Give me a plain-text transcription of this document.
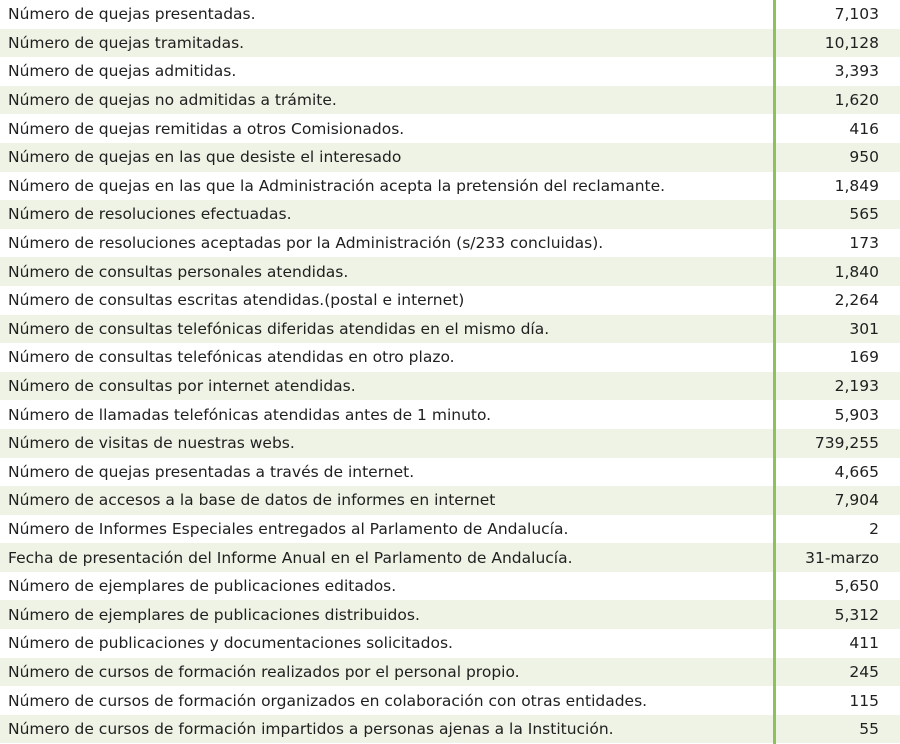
Número de quejas presentadas.	7,103
Número de quejas tramitadas.	10,128
Número de quejas admitidas.	3,393
Número de quejas no admitidas a trámite.	1,620
Número de quejas remitidas a otros Comisionados.	416
Número de quejas en las que desiste el interesado	950
Número de quejas en las que la Administración acepta la pretensión del reclamante.	1,849
Número de resoluciones efectuadas.	565
Número de resoluciones aceptadas por la Administración (s/233 concluidas).	173
Número de consultas personales atendidas.	1,840
Número de consultas escritas atendidas.(postal e internet)	2,264
Número de consultas telefónicas diferidas atendidas en el mismo día.	301
Número de consultas telefónicas atendidas en otro plazo.	169
Número de consultas por internet atendidas.	2,193
Número de llamadas telefónicas atendidas antes de 1 minuto.	5,903
Número de visitas de nuestras webs.	739,255
Número de quejas presentadas a través de internet.	4,665
Número de accesos a la base de datos de informes en internet	7,904
Número de Informes Especiales entregados al Parlamento de Andalucía.	2
Fecha de presentación del Informe Anual en el Parlamento de Andalucía.	31-marzo
Número de ejemplares de publicaciones editados.	5,650
Número de ejemplares de publicaciones distribuidos.	5,312
Número de publicaciones y documentaciones solicitados.	411
Número de cursos de formación realizados por el personal propio.	245
Número de cursos de formación organizados en colaboración con otras entidades.	115
Número de cursos de formación impartidos a personas ajenas a la Institución.	55
